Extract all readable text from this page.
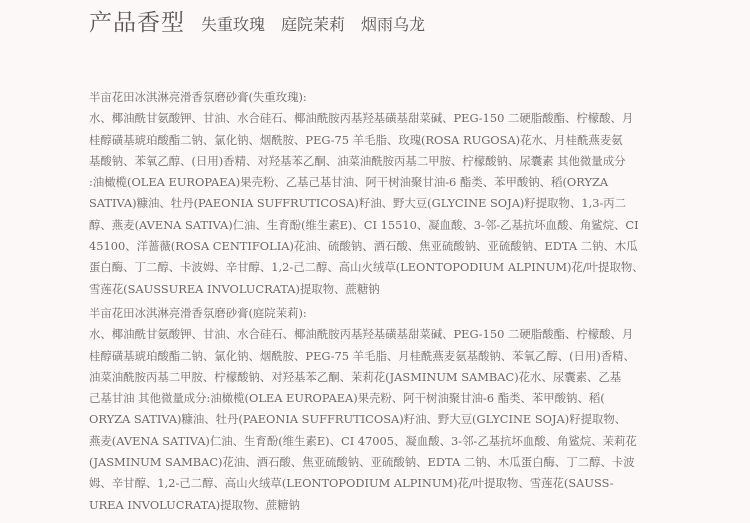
产品香型 失重玫瑰 庭院茉莉 烟雨乌龙
半亩花田冰淇淋亮滑香氛磨砂膏(失重玫瑰):
水、椰油酰甘氨酸钾、甘油、水合硅石、椰油酰胺丙基羟基磺基甜菜碱、PEG-150 二硬脂酸酯、柠檬酸、月
桂醇磺基琥珀酸酯二钠、氯化钠、烟酰胺、PEG-75 羊毛脂、玫瑰(ROSA RUGOSA)花水、月桂酰燕麦氨
基酸钠、苯氧乙醇、(日用)香精、对羟基苯乙酮、油菜油酰胺丙基二甲胺、柠檬酸钠、尿囊素 其他微量成分
:油橄榄(OLEA EUROPAEA)果壳粉、乙基己基甘油、阿干树油聚甘油-6 酯类、苯甲酸钠、稻(ORYZA
SATIVA)糠油、牡丹(PAEONIA SUFFRUTICOSA)籽油、野大豆(GLYCINE SOJA)籽提取物、1,3-丙二
醇、燕麦(AVENA SATIVA)仁油、生育酚(维生素E)、CI 15510、凝血酸、3-邻-乙基抗坏血酸、角鲨烷、CI
45100、洋蔷薇(ROSA CENTIFOLIA)花油、硫酸钠、酒石酸、焦亚硫酸钠、亚硫酸钠、EDTA 二钠、木瓜
蛋白酶、丁二醇、卡波姆、辛甘醇、1,2-己二醇、高山火绒草(LEONTOPODIUM ALPINUM)花/叶提取物、
雪莲花(SAUSSUREA INVOLUCRATA)提取物、蔗糖钠
半亩花田冰淇淋亮滑香氛磨砂膏(庭院茉莉):
水、椰油酰甘氨酸钾、甘油、水合硅石、椰油酰胺丙基羟基磺基甜菜碱、PEG-150 二硬脂酸酯、柠檬酸、月
桂醇磺基琥珀酸酯二钠、氯化钠、烟酰胺、PEG-75 羊毛脂、月桂酰燕麦氨基酸钠、苯氧乙醇、(日用)香精、
油菜油酰胺丙基二甲胺、柠檬酸钠、对羟基苯乙酮、茉莉花(JASMINUM SAMBAC)花水、尿囊素、乙基
己基甘油 其他微量成分:油橄榄(OLEA EUROPAEA)果壳粉、阿干树油聚甘油-6 酯类、苯甲酸钠、稻(
ORYZA SATIVA)糠油、牡丹(PAEONIA SUFFRUTICOSA)籽油、野大豆(GLYCINE SOJA)籽提取物、
燕麦(AVENA SATIVA)仁油、生育酚(维生素E)、CI 47005、凝血酸、3-邻-乙基抗坏血酸、角鲨烷、茉莉花
(JASMINUM SAMBAC)花油、酒石酸、焦亚硫酸钠、亚硫酸钠、EDTA 二钠、木瓜蛋白酶、丁二醇、卡波
姆、辛甘醇、1,2-己二醇、高山火绒草(LEONTOPODIUM ALPINUM)花/叶提取物、雪莲花(SAUSS-
UREA INVOLUCRATA)提取物、蔗糖钠
